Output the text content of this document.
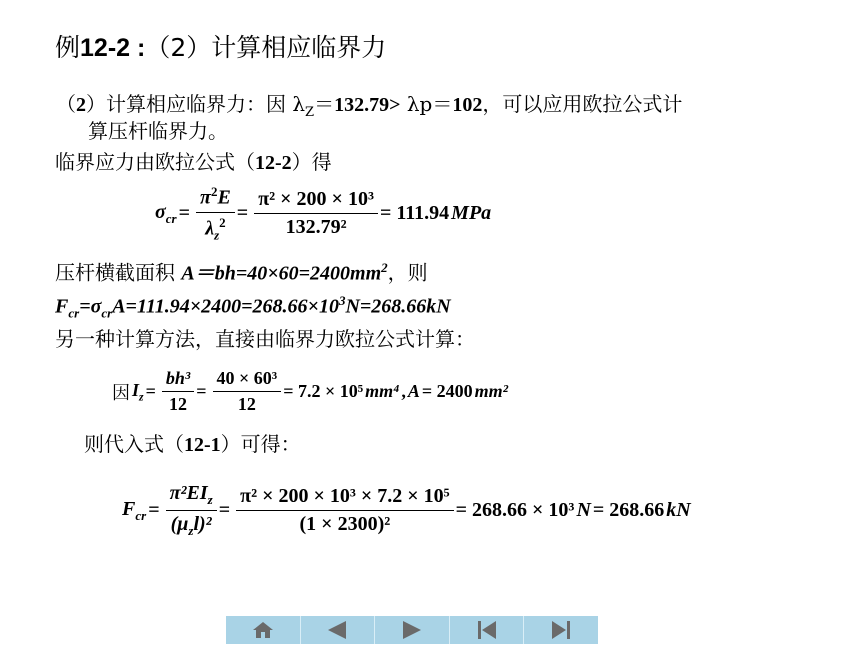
例12-2 :（2）计算相应临界力
（2）计算相应临界力：因 $\lambda_Z=132.79> \lambda p=102$，可以应用欧拉公式计
算压杆临界力。
临界应力由欧拉公式（12-2）得
$\sigma_{cr} = \frac{\pi^2E}{\lambda_z^2} = \frac{\text{π² × 200 × 10³}}{\text{132.79²}} = 111.94$ MPa
压杆横截面积 $A=bh=40\times 60=2400mm^2$，则
$F_{cr}=\sigma_{cr}A=111.94\times 2400=268.66\times 10^3N=268.66kN$
另一种计算方法，直接由临界力欧拉公式计算：
因 $I_z = \frac{\text{bh³}}{12} = \frac{\text{40 × 60³}}{12} = 7.2 \times 10^5$ mm⁴ , A = 2400 mm²
则代入式（12-1）可得：
$F_{cr} = \frac{\pi^2EI_z}{(\mu_zl)^2} = \frac{\text{π² × 200 × 10³ × 7.2 × 10⁵}}{\text{(1 × 2300)²}} = 268.66 \times 10^3$ N = 268.66 kN
